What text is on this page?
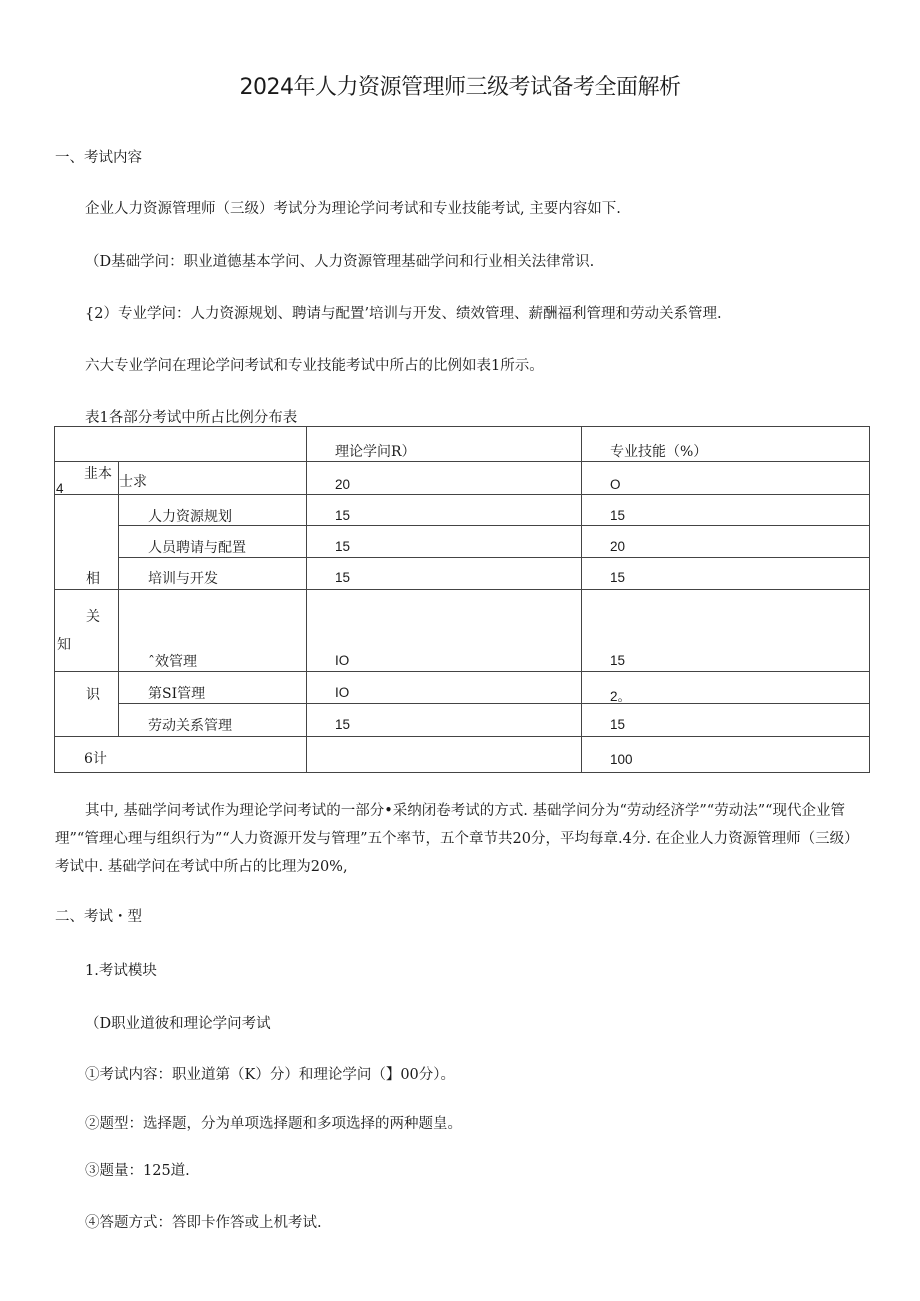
2024年人力资源管理师三级考试备考全面解析
一、考试内容
企业人力资源管理师（三级）考试分为理论学问考试和专业技能考试, 主要内容如下.
（D基础学问：职业道德基本学问、人力资源管理基础学问和行业相关法律常识.
{2）专业学问：人力资源规划、聘请与配置’培训与开发、绩效管理、薪酬福利管理和劳动关系管理.
六大专业学问在理论学问考试和专业技能考试中所占的比例如表1所示。
表1各部分考试中所占比例分布表

		理论学问R）	专业技能（%）

韭本
4	士求	20	O

	人力资源规划	15	15

	人员聘请与配置	15	20

相	培训与开发	15	15

关
知	ˆ效管理	IO	15

识	第SI管理	IO	2。

	劳动关系管理	15	15

6计			100
其中, 基础学问考试作为理论学问考试的一部分•采纳闭卷考试的方式. 基础学问分为“劳动经济学”“劳动法”“现代企业管理”“管理心理与组织行为”“人力资源开发与管理”五个率节，五个章节共20分，平均每章.4分. 在企业人力资源管理师（三级）考试中. 基础学问在考试中所占的比理为20%,
二、考试・型
1.考试模块
（D职业道彼和理论学问考试
①考试内容：职业道第（K）分）和理论学问（】00分）。
②题型：选择题，分为单项选择题和多项选择的两种题皇。
③题量：125道.
④答题方式：答即卡作答或上机考试.
